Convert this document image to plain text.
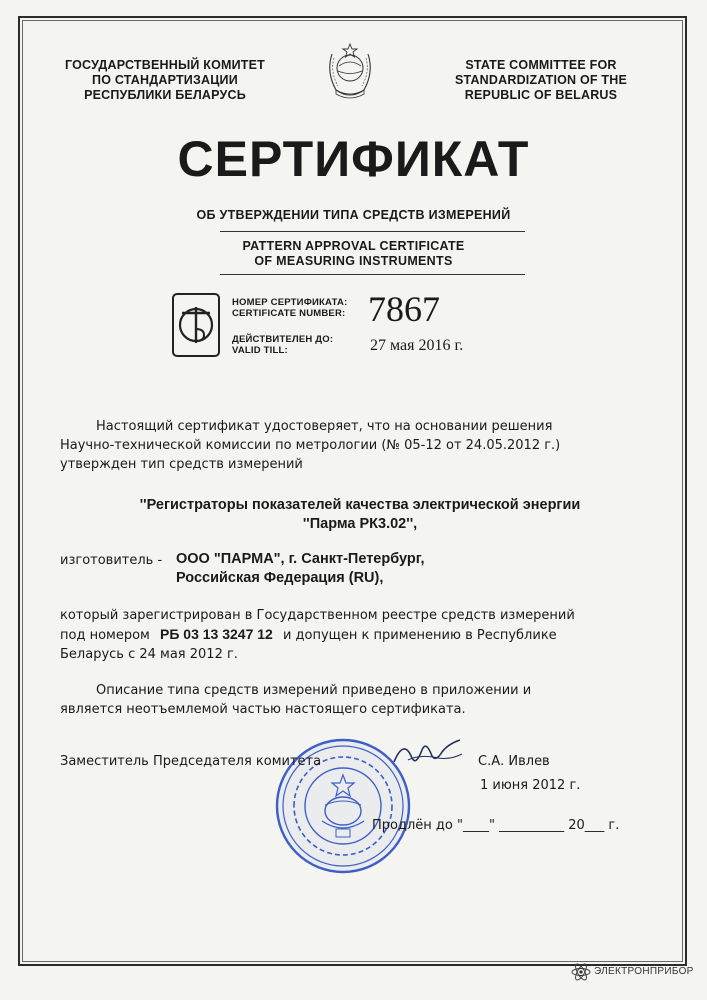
ГОСУДАРСТВЕННЫЙ КОМИТЕТ
ПО СТАНДАРТИЗАЦИИ
РЕСПУБЛИКИ БЕЛАРУСЬ
STATE COMMITTEE FOR
STANDARDIZATION OF THE
REPUBLIC OF BELARUS
СЕРТИФИКАТ
ОБ УТВЕРЖДЕНИИ ТИПА СРЕДСТВ ИЗМЕРЕНИЙ
PATTERN APPROVAL CERTIFICATE
OF MEASURING INSTRUMENTS
НОМЕР СЕРТИФИКАТА:
CERTIFICATE NUMBER: 7867
ДЕЙСТВИТЕЛЕН ДО:
VALID TILL:	27 мая 2016 г.
Настоящий сертификат удостоверяет, что на основании решения
Научно-технической комиссии по метрологии (№ 05-12 от 24.05.2012 г.)
утвержден тип средств измерений
''Регистраторы показателей качества электрической энергии
''Парма РК3.02'',
изготовитель - ООО "ПАРМА", г. Санкт-Петербург,
Российская Федерация (RU),
который зарегистрирован в Государственном реестре средств измерений
под номером РБ 03 13 3247 12 и допущен к применению в Республике
Беларусь с 24 мая 2012 г.
Описание типа средств измерений приведено в приложении и
является неотъемлемой частью настоящего сертификата.
Заместитель Председателя комитета	С.А. Ивлев
1 июня 2012 г.
Продлён до "____" __________ 20___ г.
ЭЛЕКТРОНПРИБОР
